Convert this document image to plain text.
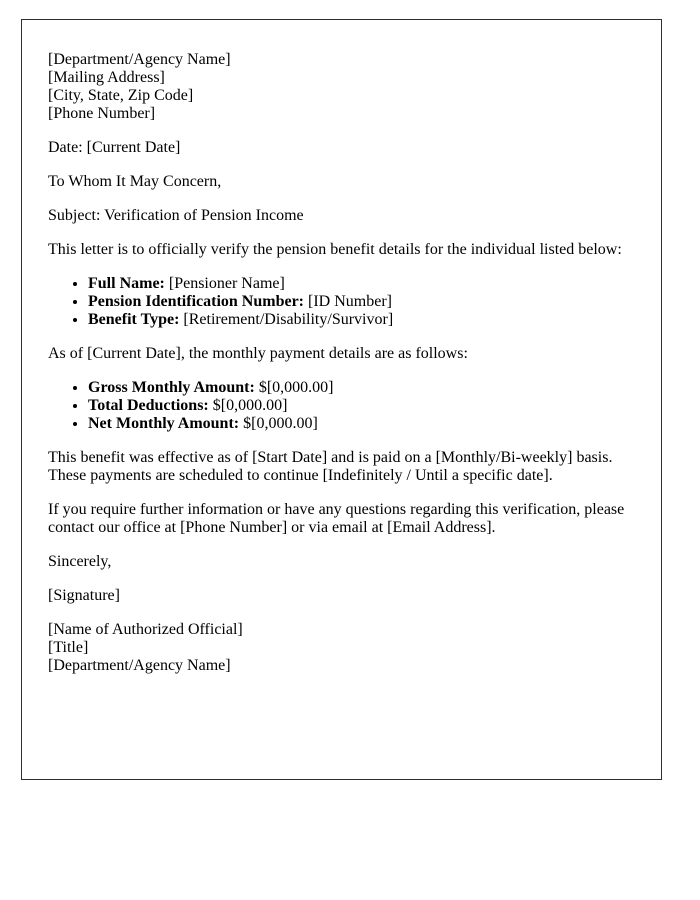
[Department/Agency Name]
[Mailing Address]
[City, State, Zip Code]
[Phone Number]

Date: [Current Date]

To Whom It May Concern,

Subject: Verification of Pension Income

This letter is to officially verify the pension benefit details for the individual listed below:

• Full Name: [Pensioner Name]
• Pension Identification Number: [ID Number]
• Benefit Type: [Retirement/Disability/Survivor]

As of [Current Date], the monthly payment details are as follows:

• Gross Monthly Amount: $[0,000.00]
• Total Deductions: $[0,000.00]
• Net Monthly Amount: $[0,000.00]

This benefit was effective as of [Start Date] and is paid on a [Monthly/Bi-weekly] basis. These payments are scheduled to continue [Indefinitely / Until a specific date].

If you require further information or have any questions regarding this verification, please contact our office at [Phone Number] or via email at [Email Address].

Sincerely,

[Signature]

[Name of Authorized Official]
[Title]
[Department/Agency Name]
